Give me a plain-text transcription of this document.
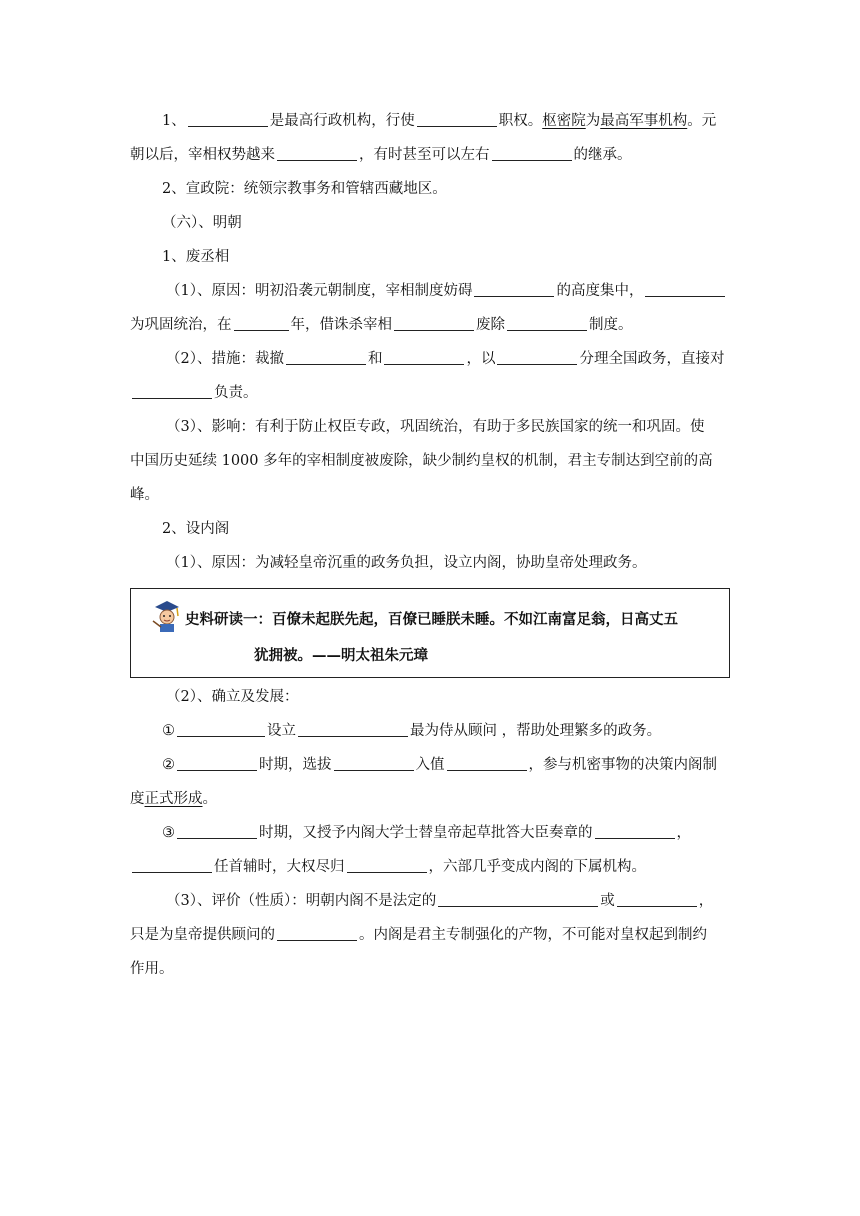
1、	是最高行政机构，行使	职权。枢密院为最高军事机构。元
朝以后，宰相权势越来	，有时甚至可以左右	的继承。
2、宣政院：统领宗教事务和管辖西藏地区。
（六）、明朝
1、废丞相
（1）、原因：明初沿袭元朝制度，宰相制度妨碍	的高度集中，
为巩固统治，在	年，借诛杀宰相	废除	制度。
（2）、措施：裁撤	和	，以	分理全国政务，直接对
负责。
（3）、影响：有利于防止权臣专政，巩固统治，有助于多民族国家的统一和巩固。使
中国历史延续 1000 多年的宰相制度被废除，缺少制约皇权的机制，君主专制达到空前的高
峰。
2、设内阁
（1）、原因：为减轻皇帝沉重的政务负担，设立内阁，协助皇帝处理政务。
史料研读一：百僚未起朕先起，百僚已睡朕未睡。不如江南富足翁，日高丈五
犹拥被。——明太祖朱元璋
（2）、确立及发展：
①	设立	最为侍从顾问 ，帮助处理繁多的政务。
②	时期，选拔	入值	，参与机密事物的决策内阁制
度正式形成。
③	时期，又授予内阁大学士替皇帝起草批答大臣奏章的	，
任首辅时，大权尽归	，六部几乎变成内阁的下属机构。
（3）、评价（性质）：明朝内阁不是法定的	或	，
只是为皇帝提供顾问的	。内阁是君主专制强化的产物，不可能对皇权起到制约
作用。
